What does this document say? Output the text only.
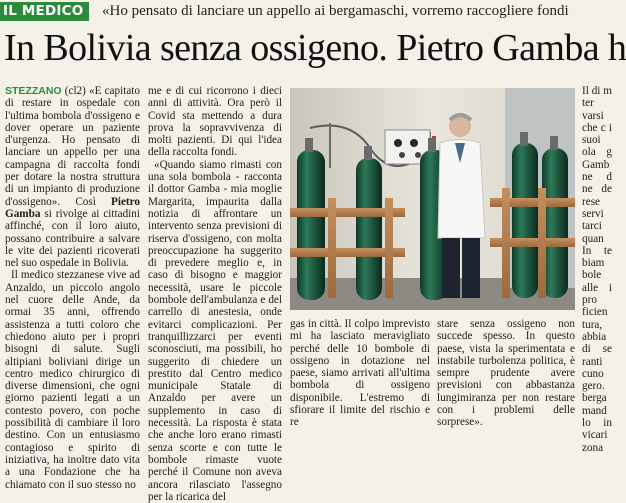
IL MEDICO	«Ho pensato di lanciare un appello ai bergamaschi, vorremo raccogliere fondi
In Bolivia senza ossigeno. Pietro Gamba h

STEZZANO (cl2) «E capitato di restare in ospedale con l'ultima bombola d'ossigeno e dover operare un paziente d'urgenza. Ho pensato di lanciare un appello per una campagna di raccolta fondi per dotare la nostra struttura di un impianto di produzione d'ossigeno». Così Pietro Gamba si rivolge ai cittadini affinché, con il loro aiuto, possano contribuire a salvare le vite dei pazienti ricoverati nel suo ospedale in Bolivia.

Il medico stezzanese vive ad Anzaldo, un piccolo angolo nel cuore delle Ande, da ormai 35 anni, offrendo assistenza a tutti coloro che chiedono aiuto per i propri bisogni di salute. Sugli altipiani boliviani dirige un centro medico chirurgico di diverse dimensioni, che ogni giorno pazienti legati a un contesto povero, con poche possibilità di cambiare il loro destino. Con un entusiasmo contagioso e spirito di iniziativa, ha inoltre dato vita a una Fondazione che ha chiamato con il suo stesso no

me e di cui ricorrono i dieci anni di attività. Ora però il Covid sta mettendo a dura prova la sopravvivenza di molti pazienti. Di qui l'idea della raccolta fondi.

«Quando siamo rimasti con una sola bombola - racconta il dottor Gamba - mia moglie Margarita, impaurita dalla notizia di affrontare un intervento senza previsioni di riserva d'ossigeno, con molta preoccupazione ha suggerito di prevedere meglio e, in caso di bisogno e maggior necessità, usare le piccole bombole dell'ambulanza e del carrello di anestesia, onde evitarci complicazioni. Per tranquillizzarci per eventi sconosciuti, ma possibili, ho suggerito di chiedere un prestito dal Centro medico municipale Statale di Anzaldo per avere un supplemento in caso di necessità. La risposta è stata che anche loro erano rimasti senza scorte e con tutte le bombole rimaste vuote perché il Comune non aveva ancora rilasciato l'assegno per la ricarica del

gas in città. Il colpo imprevisto mi ha lasciato meravigliato perché delle 10 bombole di ossigeno in dotazione nel paese, siamo arrivati all'ultima bombola di ossigeno disponibile. L'estremo di sfiorare il limite del rischio e re

stare senza ossigeno non succede spesso. In questo paese, vista la sperimentata e instabile turbolenza politica, è sempre prudente avere previsioni con abbastanza lungimiranza per non restare con i problemi delle sorprese».

Il di m ter varsi che c i suoi ola g Gamb ne d ne de rese servi tarci quan In te biam bole alle i pro ficien tura, abbia di se ranti cuno gero. berga mand lo in vicari zona
